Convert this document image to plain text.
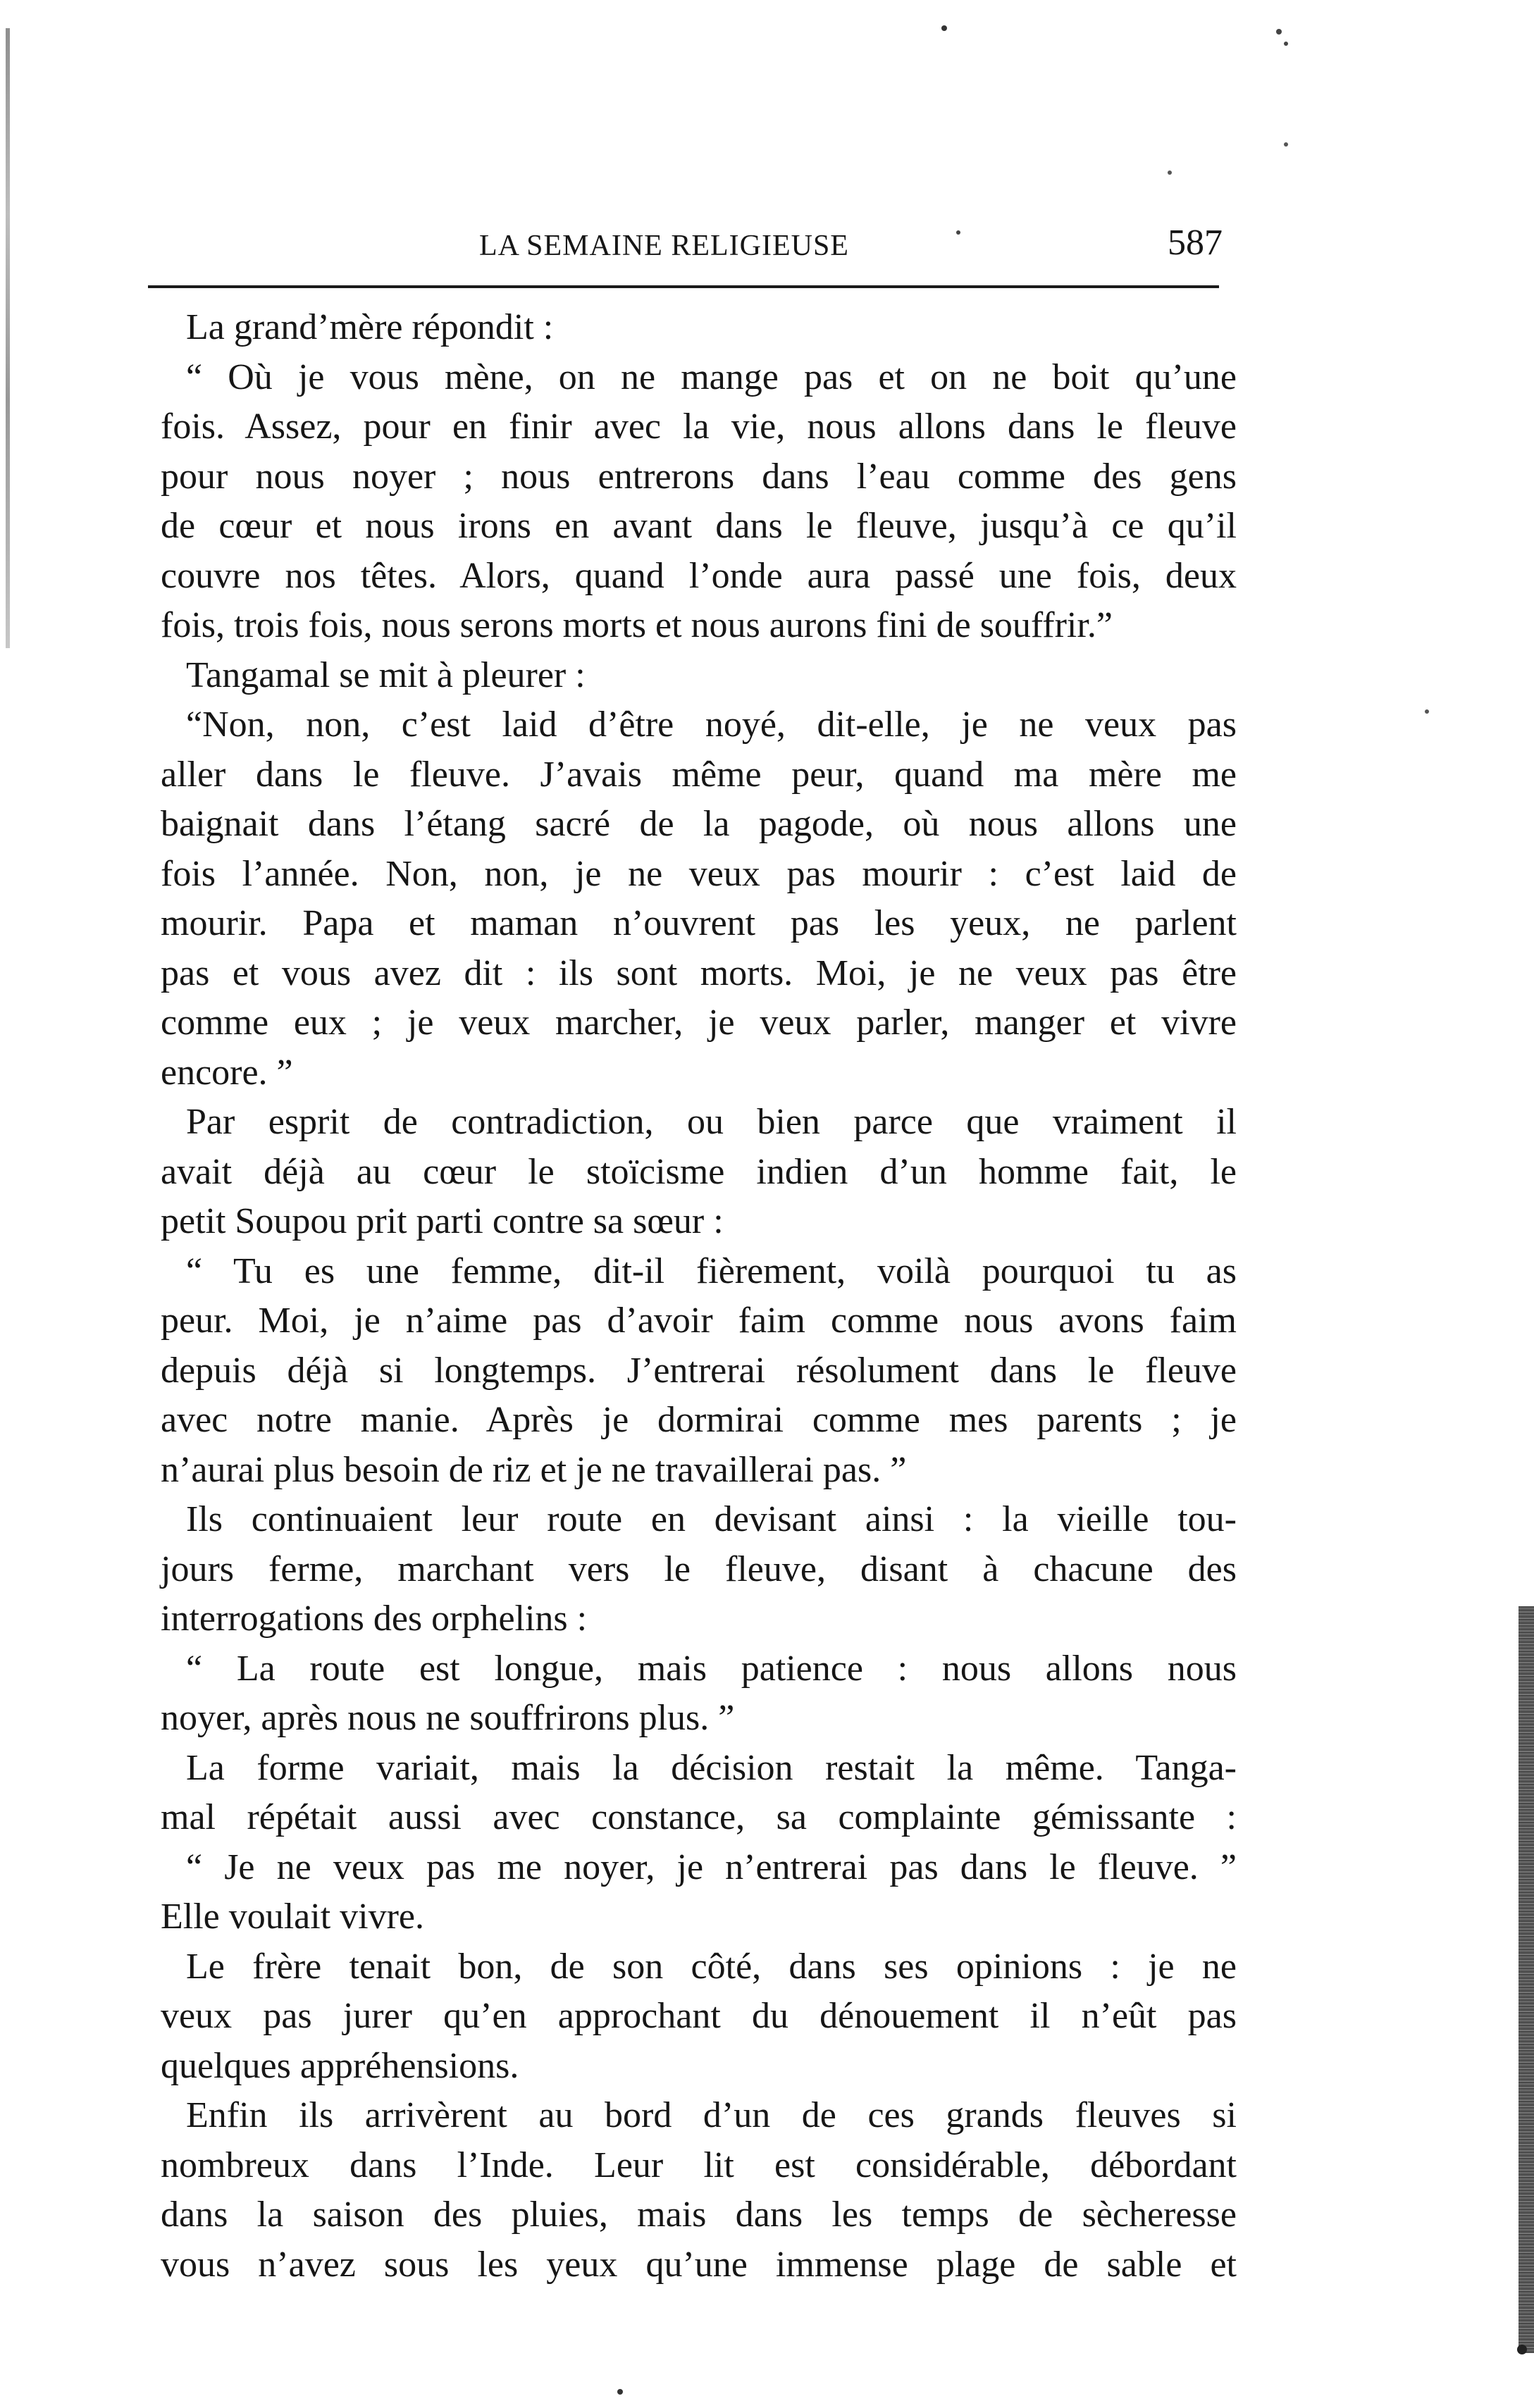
LA SEMAINE RELIGIEUSE	587
La grand’mère répondit :
“ Où je vous mène, on ne mange pas et on ne boit qu’une
fois. Assez, pour en finir avec la vie, nous allons dans le fleuve
pour nous noyer ; nous entrerons dans l’eau comme des gens
de cœur et nous irons en avant dans le fleuve, jusqu’à ce qu’il
couvre nos têtes. Alors, quand l’onde aura passé une fois, deux
fois, trois fois, nous serons morts et nous aurons fini de souffrir.”
Tangamal se mit à pleurer :
“Non, non, c’est laid d’être noyé, dit-elle, je ne veux pas
aller dans le fleuve. J’avais même peur, quand ma mère me
baignait dans l’étang sacré de la pagode, où nous allons une
fois l’année. Non, non, je ne veux pas mourir : c’est laid de
mourir. Papa et maman n’ouvrent pas les yeux, ne parlent
pas et vous avez dit : ils sont morts. Moi, je ne veux pas être
comme eux ; je veux marcher, je veux parler, manger et vivre
encore. ”
Par esprit de contradiction, ou bien parce que vraiment il
avait déjà au cœur le stoïcisme indien d’un homme fait, le
petit Soupou prit parti contre sa sœur :
“ Tu es une femme, dit-il fièrement, voilà pourquoi tu as
peur. Moi, je n’aime pas d’avoir faim comme nous avons faim
depuis déjà si longtemps. J’entrerai résolument dans le fleuve
avec notre manie. Après je dormirai comme mes parents ; je
n’aurai plus besoin de riz et je ne travaillerai pas. ”
Ils continuaient leur route en devisant ainsi : la vieille tou-
jours ferme, marchant vers le fleuve, disant à chacune des
interrogations des orphelins :
“ La route est longue, mais patience : nous allons nous
noyer, après nous ne souffrirons plus. ”
La forme variait, mais la décision restait la même. Tanga-
mal répétait aussi avec constance, sa complainte gémissante :
“ Je ne veux pas me noyer, je n’entrerai pas dans le fleuve. ”
Elle voulait vivre.
Le frère tenait bon, de son côté, dans ses opinions : je ne
veux pas jurer qu’en approchant du dénouement il n’eût pas
quelques appréhensions.
Enfin ils arrivèrent au bord d’un de ces grands fleuves si
nombreux dans l’Inde. Leur lit est considérable, débordant
dans la saison des pluies, mais dans les temps de sècheresse
vous n’avez sous les yeux qu’une immense plage de sable et
